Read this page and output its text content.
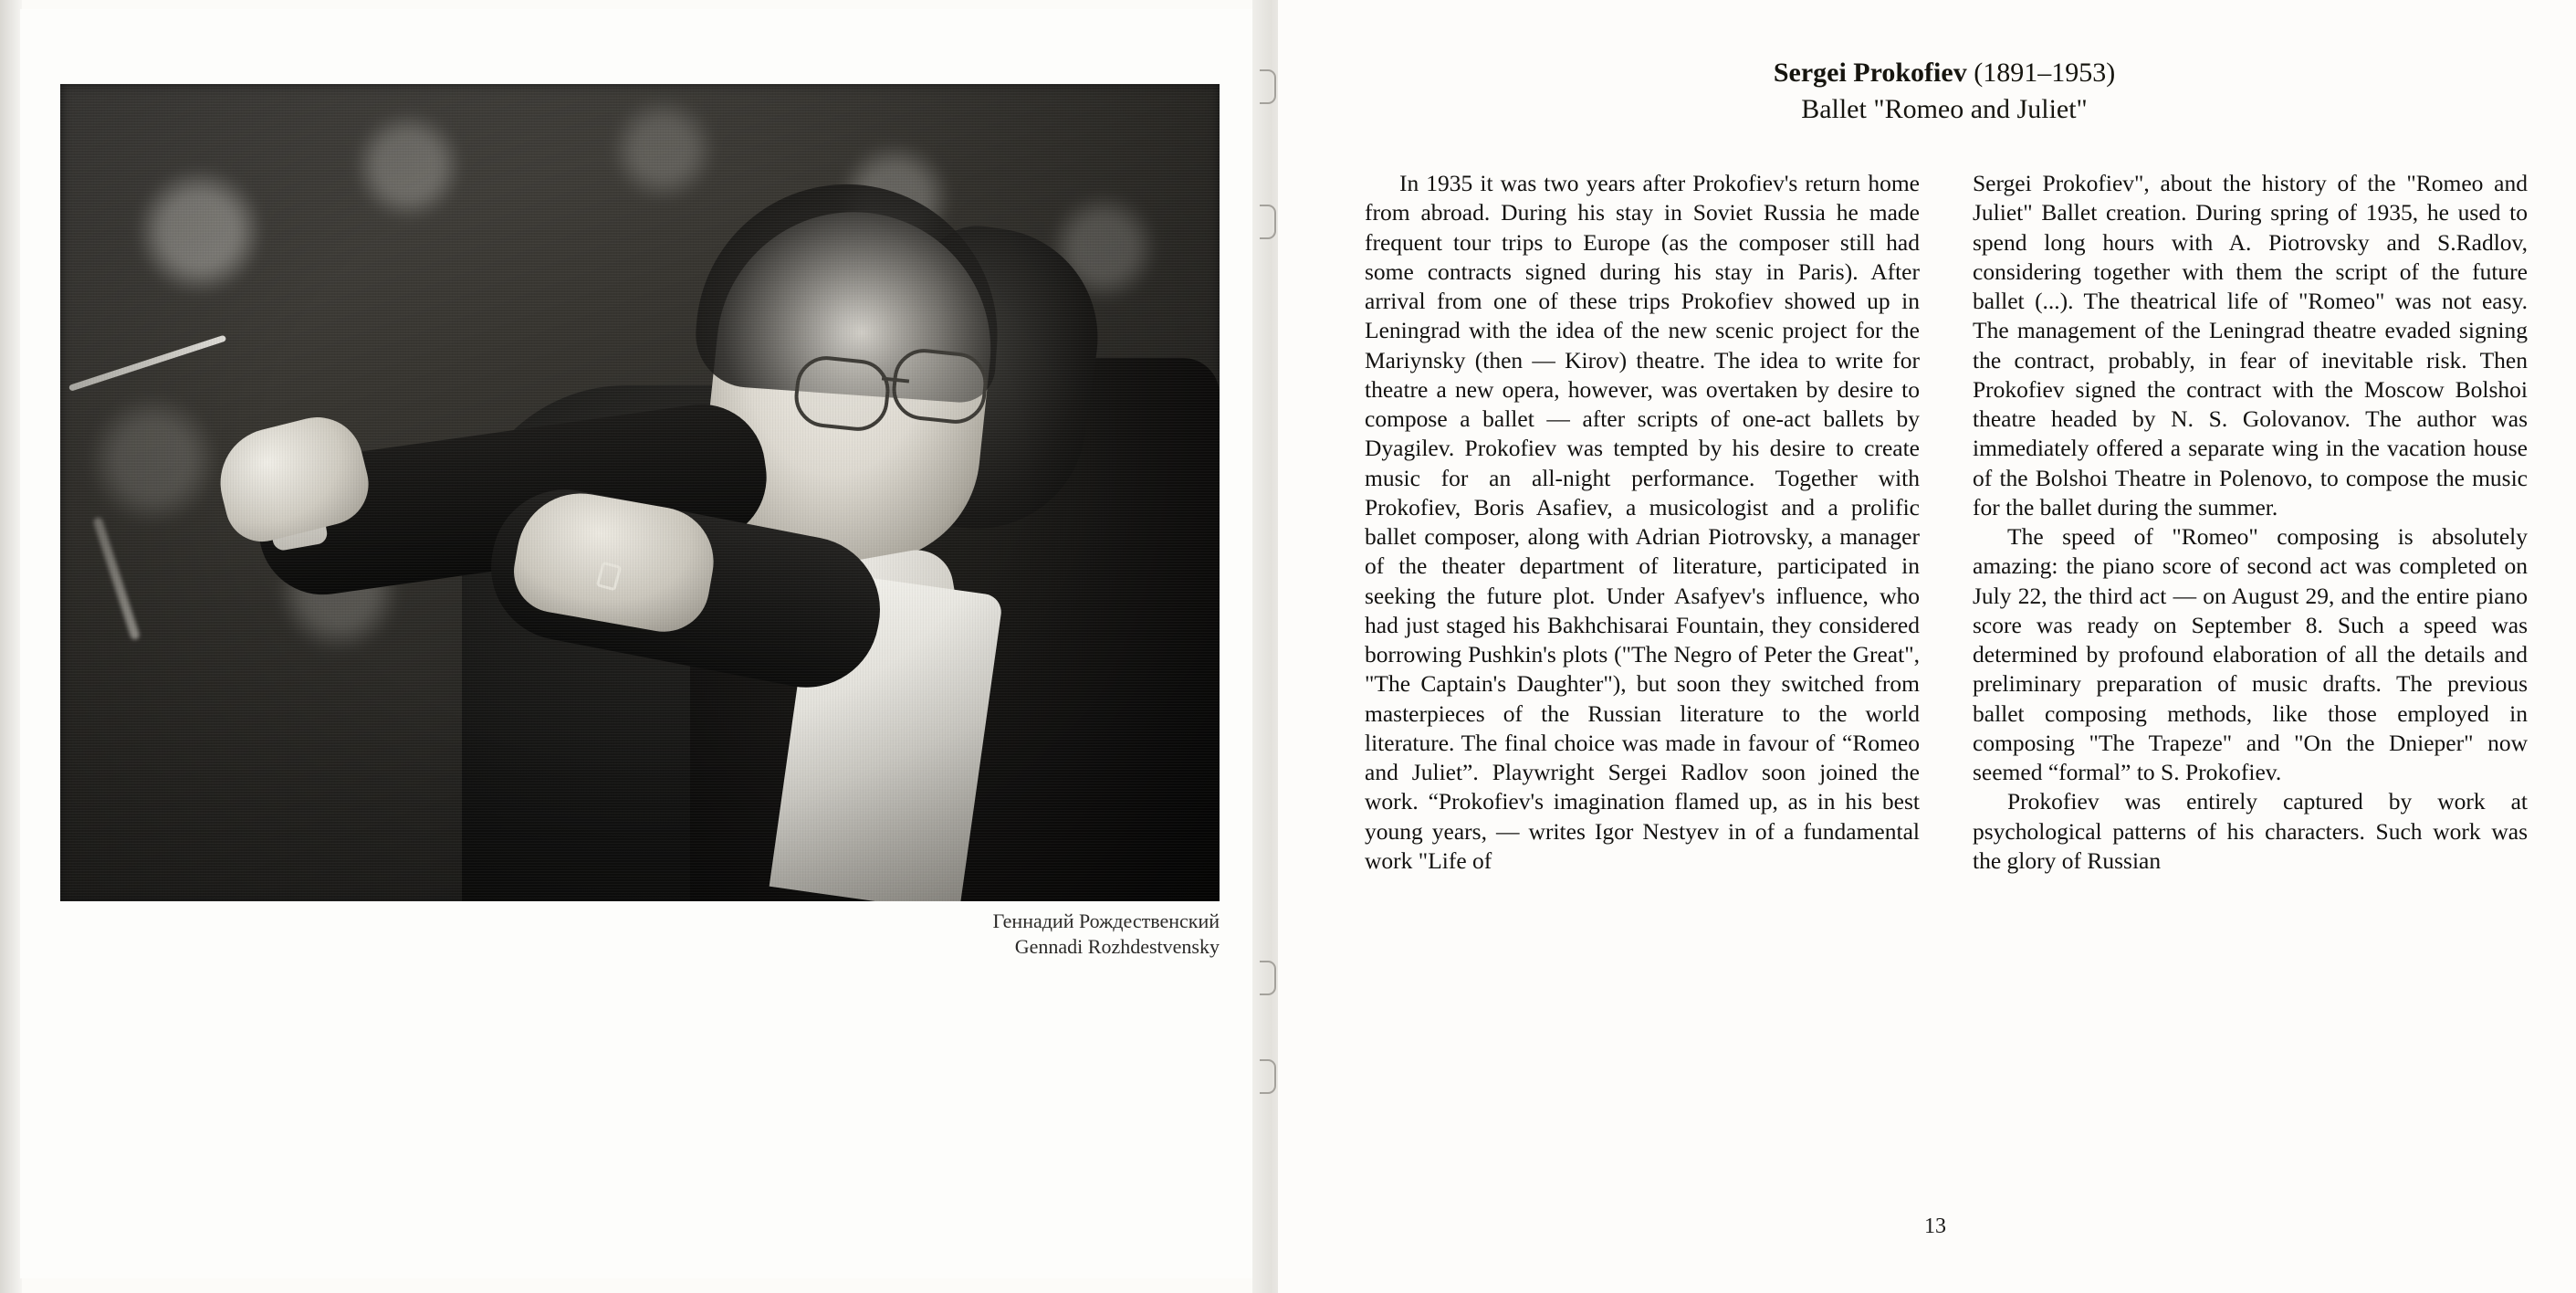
Геннадий Рождественский
Gennadi Rozhdestvensky
Sergei Prokofiev (1891–1953)
Ballet "Romeo and Juliet"

In 1935 it was two years after Prokofiev's return home from abroad. During his stay in Soviet Russia he made frequent tour trips to Europe (as the composer still had some contracts signed during his stay in Paris). After arrival from one of these trips Prokofiev showed up in Leningrad with the idea of the new scenic project for the Mariynsky (then — Kirov) theatre. The idea to write for theatre a new opera, however, was overtaken by desire to compose a ballet — after scripts of one-act ballets by Dyagilev. Prokofiev was tempted by his desire to create music for an all-night performance. Together with Prokofiev, Boris Asafiev, a musicologist and a prolific ballet composer, along with Adrian Piotrovsky, a manager of the theater department of literature, participated in seeking the future plot. Under Asafyev's influence, who had just staged his Bakhchisarai Fountain, they considered borrowing Pushkin's plots ("The Negro of Peter the Great", "The Captain's Daughter"), but soon they switched from masterpieces of the Russian literature to the world literature. The final choice was made in favour of “Romeo and Juliet”. Playwright Sergei Radlov soon joined the work. “Prokofiev's imagination flamed up, as in his best young years, — writes Igor Nestyev in of a fundamental work "Life of

Sergei Prokofiev", about the history of the "Romeo and Juliet" Ballet creation. During spring of 1935, he used to spend long hours with A. Piotrovsky and S.Radlov, considering together with them the script of the future ballet (...). The theatrical life of "Romeo" was not easy. The management of the Leningrad theatre evaded signing the contract, probably, in fear of inevitable risk. Then Prokofiev signed the contract with the Moscow Bolshoi theatre headed by N. S. Golovanov. The author was immediately offered a separate wing in the vacation house of the Bolshoi Theatre in Polenovo, to compose the music for the ballet during the summer.

The speed of "Romeo" composing is absolutely amazing: the piano score of second act was completed on July 22, the third act — on August 29, and the entire piano score was ready on September 8. Such a speed was determined by profound elaboration of all the details and preliminary preparation of music drafts. The previous ballet composing methods, like those employed in composing "The Trapeze" and "On the Dnieper" now seemed “formal” to S. Prokofiev.

Prokofiev was entirely captured by work at psychological patterns of his characters. Such work was the glory of Russian

13
